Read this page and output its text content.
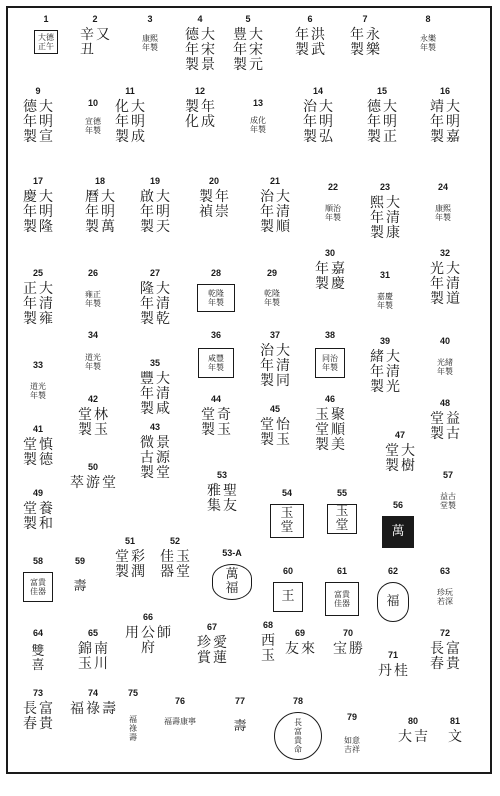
1
大德
正午
2
辛
丑
又
3
康熙
年製
4
德
年
製
大
宋
景
5
豊
年
製
大
宋
元
6
年
製
洪
武
7
年
製
永
樂
8
永樂
年製
9
德
年
製
大
明
宣
10
宣德
年製
11
化
年
製
大
明
成
12
製
化
年
成
13
成化
年製
14
治
年
製
大
明
弘
15
德
年
製
大
明
正
16
靖
年
製
大
明
嘉
17
慶
年
製
大
明
隆
18
曆
年
製
大
明
萬
19
啟
年
製
大
明
天
20
製
禎
年
崇
21
治
年
製
大
清
順
22
順治
年製
23
熙
年
製
大
清
康
24
康熙
年製
25
正
年
製
大
清
雍
26
雍正
年製
27
隆
年
製
大
清
乾
28
乾隆
年製
29
乾隆
年製
30
年
製
嘉
慶
31
嘉慶
年製
32
光
年
製
大
清
道
33
道光
年製
34
道光
年製	35
豐
年
製
大
清
咸
36
咸豐
年製
37
治
年
製
大
清
同
38
同治
年製
39
緒
年
製
大
清
光
40
光緒
年製
41
堂
製
慎
德
42
堂
製
林
玉	43
微
古
製
景
源
堂
44
堂
製
奇
玉
45
堂
製
怡
玉
46
玉
堂
製
聚
順
美
47
堂
製
大
樹
48
堂
製
益
古
49
堂
製
養
和
50
萃 游 堂
51
堂
製
彩
潤
52
佳
器
玉
堂
53
雅
集
聖
友
53-A
萬
福
54
玉
堂
55
玉
堂
56
萬
57
益古
堂製
58
富貴
佳器
59
壽
60
王
61
富貴
佳器
62
福
63
珍玩
若深
64
雙
喜
65
錦
玉
南
川
66
用 公
府
師	67
珍
賞
愛
蓮
68
西
玉
69
友 來
70
宝 勝	71
丹 桂
72
長
春
富
貴
73
長
春
富
貴
74
福 祿 壽
75
福
祿
壽
76
福壽康寧
77
壽
78
長
富
貴
命
79
如意
吉祥
80
大 吉
81
文
